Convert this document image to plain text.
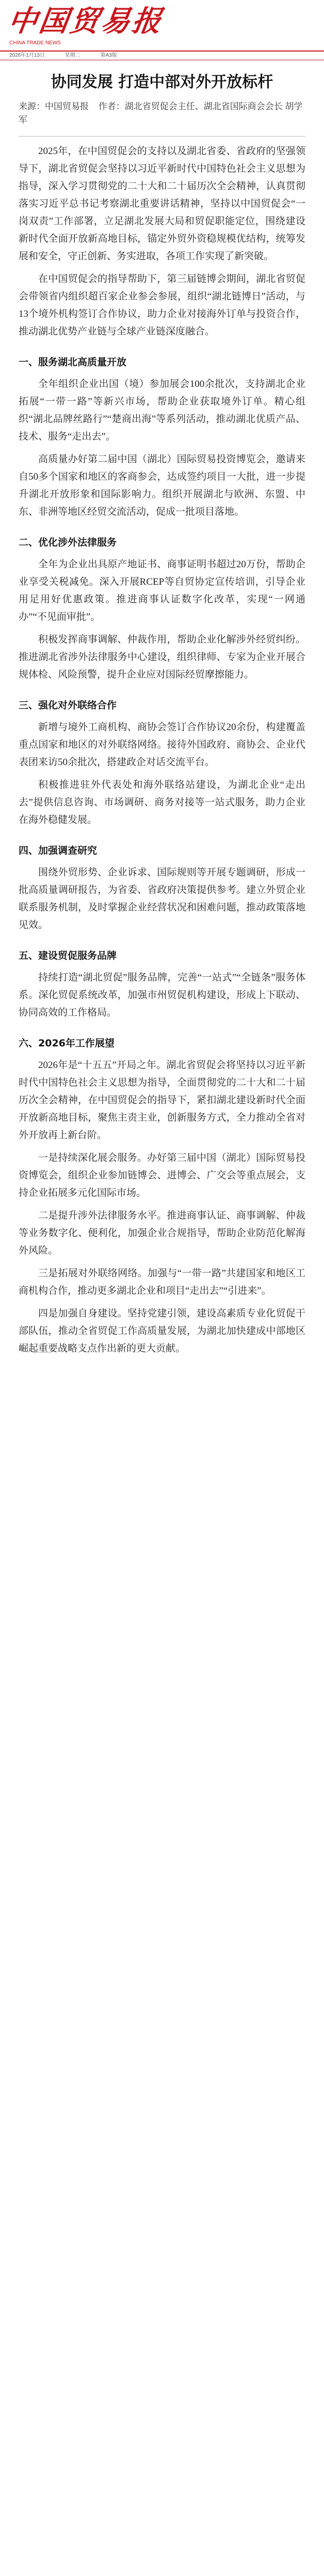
中国贸易报
CHINA TRADE NEWS
2026年1月13日	星期二	第A3版
协同发展 打造中部对外开放标杆
来源：中国贸易报 作者：湖北省贸促会主任、湖北省国际商会会长 胡学军

2025年，在中国贸促会的支持以及湖北省委、省政府的坚强领导下，湖北省贸促会坚持以习近平新时代中国特色社会主义思想为指导，深入学习贯彻党的二十大和二十届历次全会精神，认真贯彻落实习近平总书记考察湖北重要讲话精神，坚持以中国贸促会“一岗双责”工作部署，立足湖北发展大局和贸促职能定位，围绕建设新时代全面开放新高地目标，锚定外贸外资稳规模优结构，统筹发展和安全，守正创新、务实进取，各项工作实现了新突破。

在中国贸促会的指导帮助下，第三届链博会期间，湖北省贸促会带领省内组织超百家企业参会参展，组织“湖北链博日”活动，与13个境外机构签订合作协议，助力企业对接海外订单与投资合作，推动湖北优势产业链与全球产业链深度融合。

一、服务湖北高质量开放

全年组织企业出国（境）参加展会100余批次，支持湖北企业拓展“一带一路”等新兴市场，帮助企业获取境外订单。精心组织“湖北品牌丝路行”“楚商出海”等系列活动，推动湖北优质产品、技术、服务“走出去”。

高质量办好第二届中国（湖北）国际贸易投资博览会，邀请来自50多个国家和地区的客商参会，达成签约项目一大批，进一步提升湖北开放形象和国际影响力。组织开展湖北与欧洲、东盟、中东、非洲等地区经贸交流活动，促成一批项目落地。

二、优化涉外法律服务

全年为企业出具原产地证书、商事证明书超过20万份，帮助企业享受关税减免。深入开展RCEP等自贸协定宣传培训，引导企业用足用好优惠政策。推进商事认证数字化改革，实现“一网通办”“不见面审批”。

积极发挥商事调解、仲裁作用，帮助企业化解涉外经贸纠纷。推进湖北省涉外法律服务中心建设，组织律师、专家为企业开展合规体检、风险预警，提升企业应对国际经贸摩擦能力。

三、强化对外联络合作

新增与境外工商机构、商协会签订合作协议20余份，构建覆盖重点国家和地区的对外联络网络。接待外国政府、商协会、企业代表团来访50余批次，搭建政企对话交流平台。

积极推进驻外代表处和海外联络站建设，为湖北企业“走出去”提供信息咨询、市场调研、商务对接等一站式服务，助力企业在海外稳健发展。

四、加强调查研究

围绕外贸形势、企业诉求、国际规则等开展专题调研，形成一批高质量调研报告，为省委、省政府决策提供参考。建立外贸企业联系服务机制，及时掌握企业经营状况和困难问题，推动政策落地见效。

五、建设贸促服务品牌

持续打造“湖北贸促”服务品牌，完善“一站式”“全链条”服务体系。深化贸促系统改革，加强市州贸促机构建设，形成上下联动、协同高效的工作格局。

六、2026年工作展望

2026年是“十五五”开局之年。湖北省贸促会将坚持以习近平新时代中国特色社会主义思想为指导，全面贯彻党的二十大和二十届历次全会精神，在中国贸促会的指导下，紧扣湖北建设新时代全面开放新高地目标，聚焦主责主业，创新服务方式，全力推动全省对外开放再上新台阶。

一是持续深化展会服务。办好第三届中国（湖北）国际贸易投资博览会，组织企业参加链博会、进博会、广交会等重点展会，支持企业拓展多元化国际市场。

二是提升涉外法律服务水平。推进商事认证、商事调解、仲裁等业务数字化、便利化，加强企业合规指导，帮助企业防范化解海外风险。

三是拓展对外联络网络。加强与“一带一路”共建国家和地区工商机构合作，推动更多湖北企业和项目“走出去”“引进来”。

四是加强自身建设。坚持党建引领，建设高素质专业化贸促干部队伍，推动全省贸促工作高质量发展，为湖北加快建成中部地区崛起重要战略支点作出新的更大贡献。
